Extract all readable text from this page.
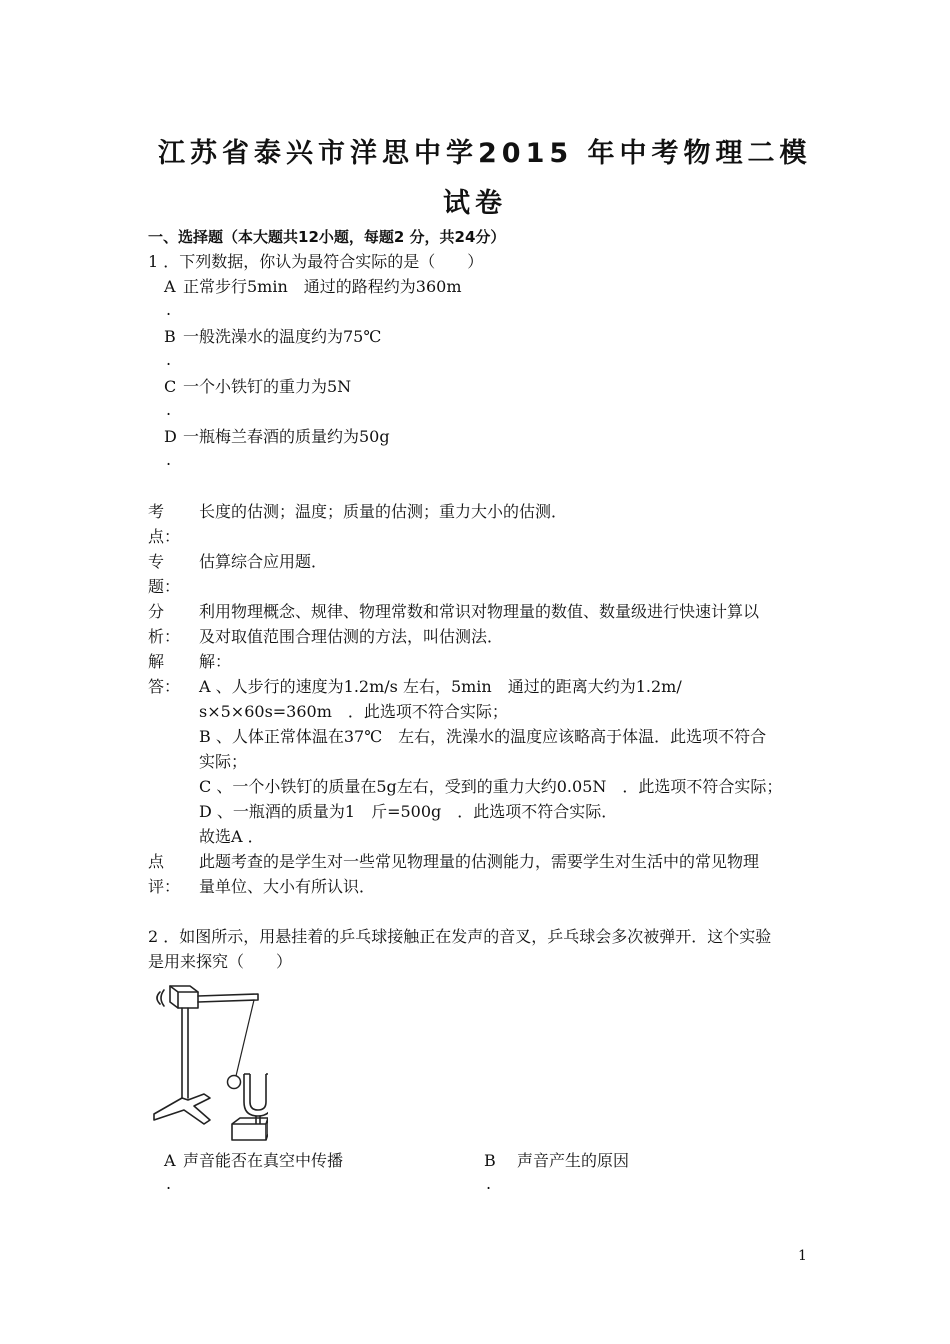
江苏省泰兴市洋思中学2015 年中考物理二模
试卷
一、选择题（本大题共12小题，每题2 分，共24分）
1 ．下列数据，你认为最符合实际的是（　　）
A 正常步行5min　通过的路程约为360m
.
B 一般洗澡水的温度约为75℃
.
C 一个小铁钉的重力为5N
.
D 一瓶梅兰春酒的质量约为50g
.
考
点：
长度的估测；温度；质量的估测；重力大小的估测．
专
题：
估算综合应用题．
分
析：
利用物理概念、规律、物理常数和常识对物理量的数值、数量级进行快速计算以
及对取值范围合理估测的方法，叫估测法．
解
答：
解：
A 、人步行的速度为1.2m/s 左右，5min　通过的距离大约为1.2m/
s×5×60s=360m　．此选项不符合实际；
B 、人体正常体温在37℃　左右，洗澡水的温度应该略高于体温．此选项不符合
实际；
C 、一个小铁钉的质量在5g左右，受到的重力大约0.05N　．此选项不符合实际；
D 、一瓶酒的质量为1　斤=500g　．此选项不符合实际．
故选A ．
点
评：
此题考查的是学生对一些常见物理量的估测能力，需要学生对生活中的常见物理
量单位、大小有所认识．
2 ．如图所示，用悬挂着的乒乓球接触正在发声的音叉，乒乓球会多次被弹开．这个实验
是用来探究（　　）
A 声音能否在真空中传播
.
B 　声音产生的原因
.
1
